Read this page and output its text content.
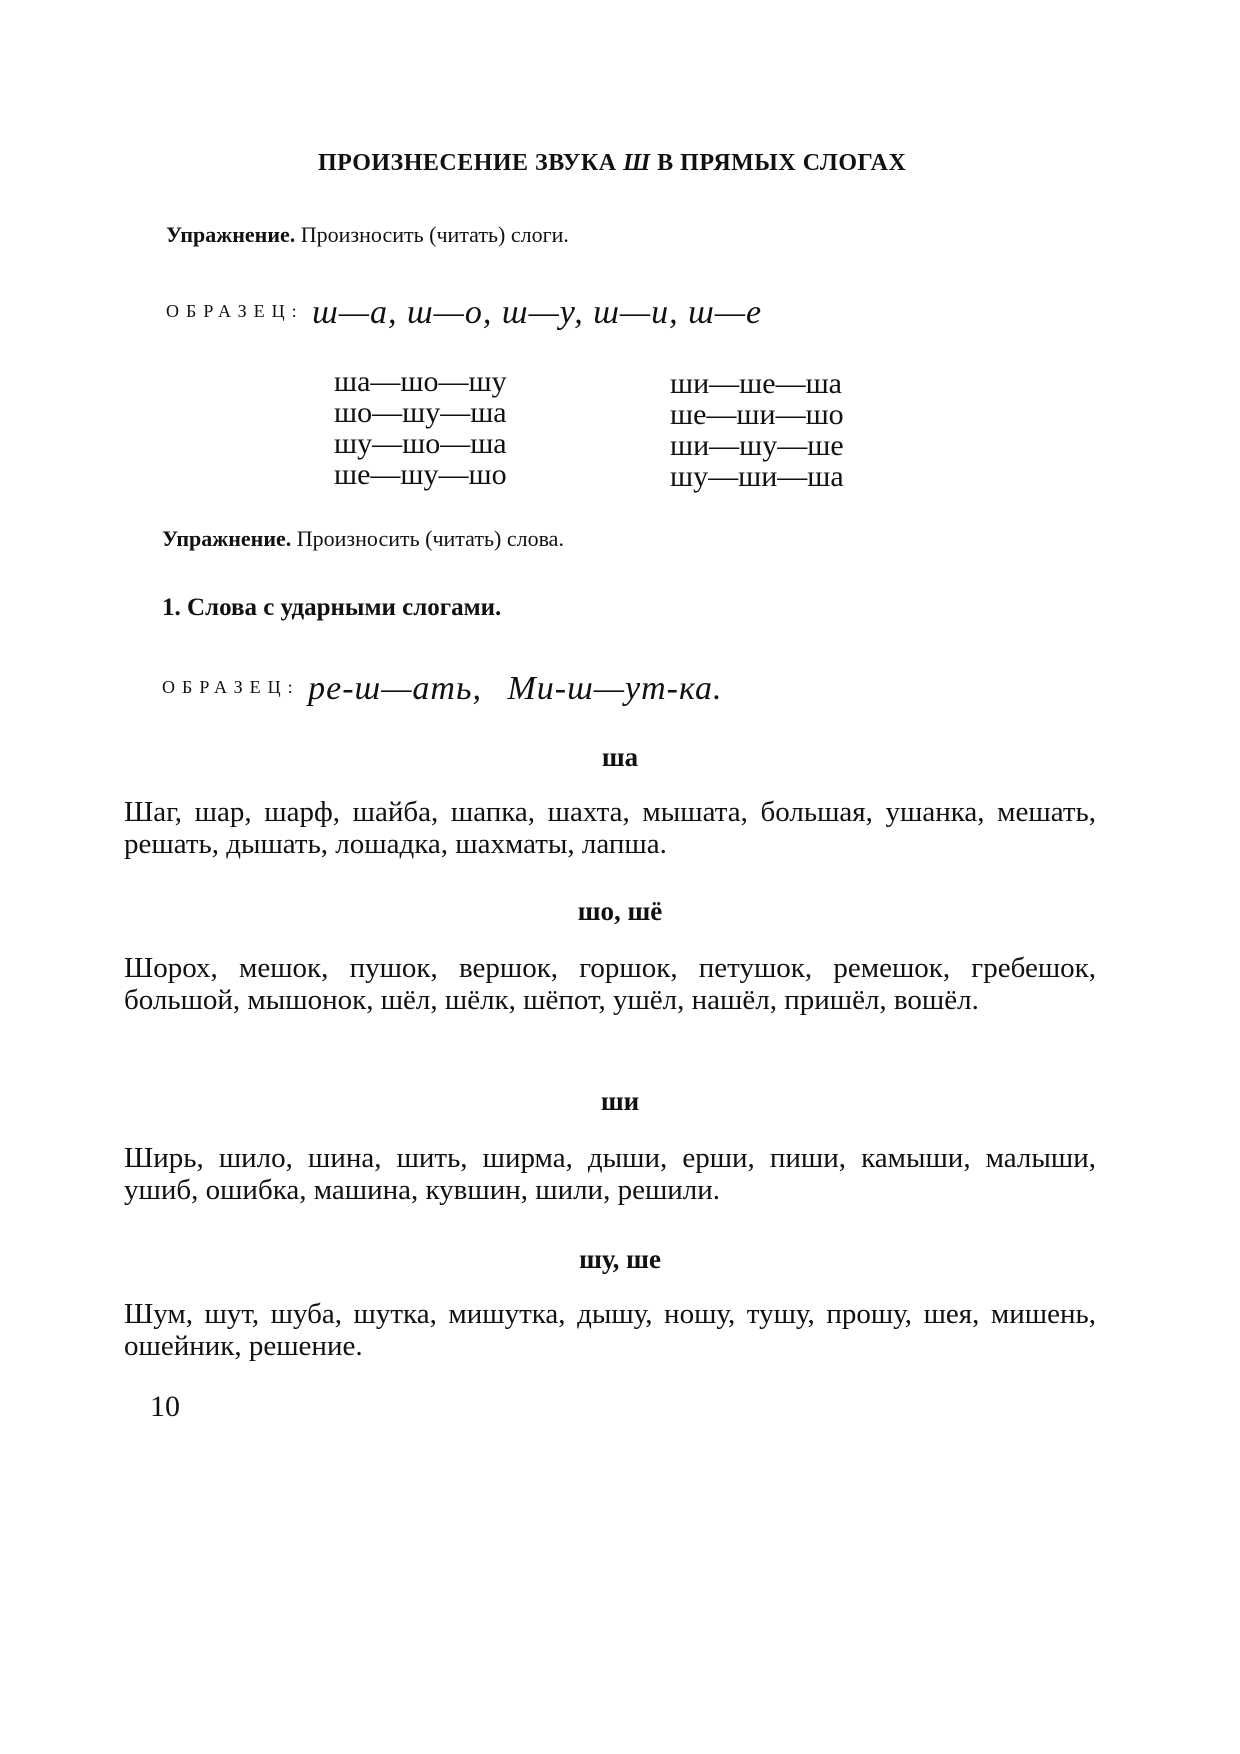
ПРОИЗНЕСЕНИЕ ЗВУКА Ш В ПРЯМЫХ СЛОГАХ
Упражнение. Произносить (читать) слоги.
ОБРАЗЕЦ: ш—а, ш—о, ш—у, ш—и, ш—е
ша—шо—шу
шо—шу—ша
шу—шо—ша
ше—шу—шо
ши—ше—ша
ше—ши—шо
ши—шу—ше
шу—ши—ша
Упражнение. Произносить (читать) слова.
1. Слова с ударными слогами.
ОБРАЗЕЦ: ре-ш—ать, Ми-ш—ут-ка.
ша
Шаг, шар, шарф, шайба, шапка, шахта, мышата, большая, ушанка, мешать, решать, дышать, лошадка, шахматы, лапша.
шо, шё
Шорох, мешок, пушок, вершок, горшок, петушок, ремешок, гребешок, большой, мышонок, шёл, шёлк, шёпот, ушёл, нашёл, пришёл, вошёл.
ши
Ширь, шило, шина, шить, ширма, дыши, ерши, пиши, камыши, малыши, ушиб, ошибка, машина, кувшин, шили, решили.
шу, ше
Шум, шут, шуба, шутка, мишутка, дышу, ношу, тушу, прошу, шея, мишень, ошейник, решение.
10
